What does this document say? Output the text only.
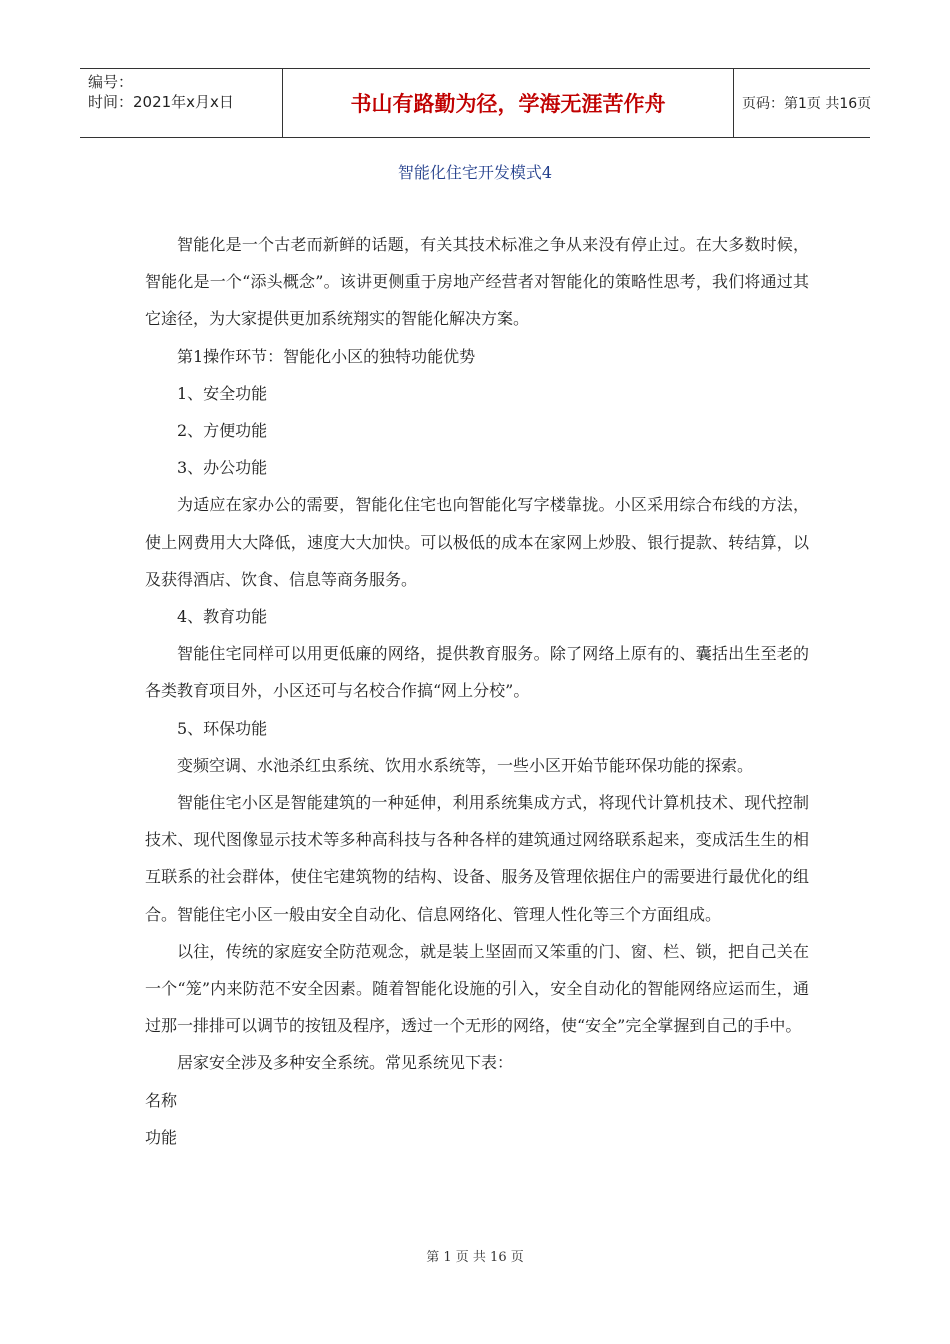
编号：
时间：2021年x月x日	书山有路勤为径，学海无涯苦作舟	页码：第1页 共16页
智能化住宅开发模式4

智能化是一个古老而新鲜的话题，有关其技术标准之争从来没有停止过。在大多数时候，智能化是一个“添头概念”。该讲更侧重于房地产经营者对智能化的策略性思考，我们将通过其它途径，为大家提供更加系统翔实的智能化解决方案。

第1操作环节：智能化小区的独特功能优势

1、安全功能

2、方便功能

3、办公功能

为适应在家办公的需要，智能化住宅也向智能化写字楼靠拢。小区采用综合布线的方法，使上网费用大大降低，速度大大加快。可以极低的成本在家网上炒股、银行提款、转结算，以及获得酒店、饮食、信息等商务服务。

4、教育功能

智能住宅同样可以用更低廉的网络，提供教育服务。除了网络上原有的、囊括出生至老的各类教育项目外，小区还可与名校合作搞“网上分校”。

5、环保功能

变频空调、水池杀红虫系统、饮用水系统等，一些小区开始节能环保功能的探索。

智能住宅小区是智能建筑的一种延伸，利用系统集成方式，将现代计算机技术、现代控制技术、现代图像显示技术等多种高科技与各种各样的建筑通过网络联系起来，变成活生生的相互联系的社会群体，使住宅建筑物的结构、设备、服务及管理依据住户的需要进行最优化的组合。智能住宅小区一般由安全自动化、信息网络化、管理人性化等三个方面组成。

以往，传统的家庭安全防范观念，就是装上坚固而又笨重的门、窗、栏、锁，把自己关在一个“笼”内来防范不安全因素。随着智能化设施的引入，安全自动化的智能网络应运而生，通过那一排排可以调节的按钮及程序，透过一个无形的网络，使“安全”完全掌握到自己的手中。

居家安全涉及多种安全系统。常见系统见下表：

名称

功能

第 1 页 共 16 页
